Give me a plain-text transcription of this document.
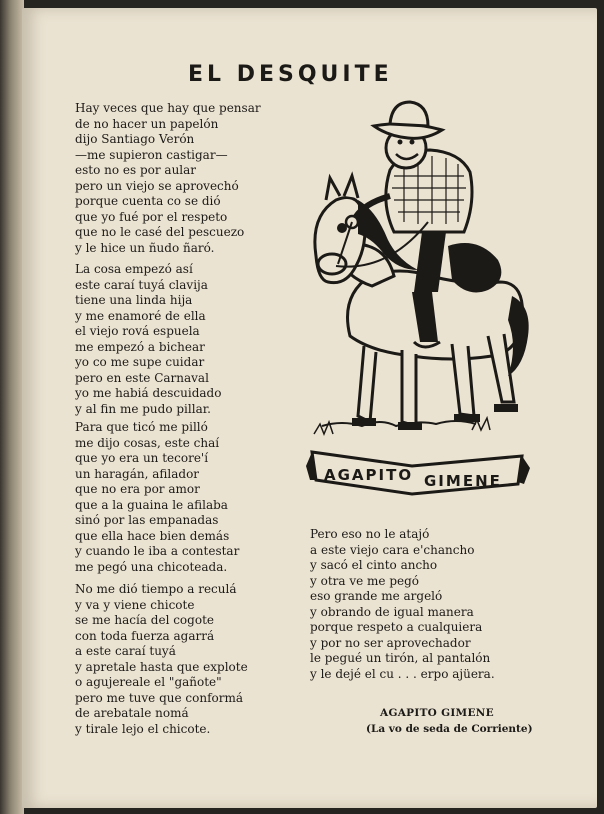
EL DESQUITE
Hay veces que hay que pensar
de no hacer un papelón
dijo Santiago Verón
—me supieron castigar—
esto no es por aular
pero un viejo se aprovechó
porque cuenta co se dió
que yo fué por el respeto
que no le casé del pescuezo
y le hice un ñudo ñaró.
La cosa empezó así
este caraí tuyá clavija
tiene una linda hija
y me enamoré de ella
el viejo rová espuela
me empezó a bichear
yo co me supe cuidar
pero en este Carnaval
yo me habiá descuidado
y al fin me pudo pillar.
Para que ticó me pilló
me dijo cosas, este chaí
que yo era un tecore'í
un haragán, afilador
que no era por amor
que a la guaina le afilaba
sinó por las empanadas
que ella hace bien demás
y cuando le iba a contestar
me pegó una chicoteada.
No me dió tiempo a reculá
y va y viene chicote
se me hacía del cogote
con toda fuerza agarrá
a este caraí tuyá
y apretale hasta que explote
o agujereale el "gañote"
pero me tuve que conformá
de arebatale nomá
y tirale lejo el chicote.
Pero eso no le atajó
a este viejo cara e'chancho
y sacó el cinto ancho
y otra ve me pegó
eso grande me argeló
y obrando de igual manera
porque respeto a cualquiera
y por no ser aprovechador
le pegué un tirón, al pantalón
y le dejé el cu . . . erpo ajüera.
AGAPITO GIMENE
AGAPITO GIMENE
(La vo de seda de Corriente)
